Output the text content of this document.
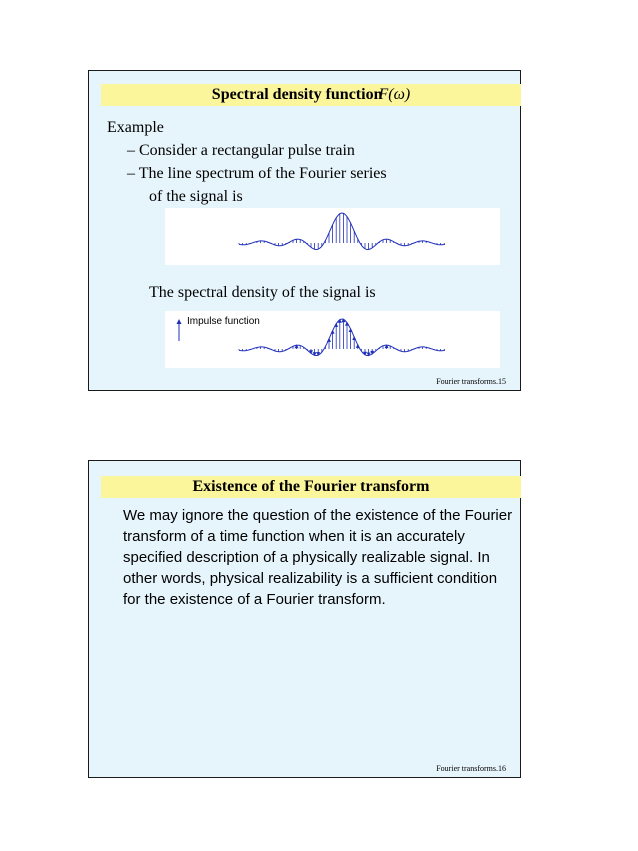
Spectral density functionF(ω)
Example
– Consider a rectangular pulse train
– The line spectrum of the Fourier series
of the signal is
The spectral density of the signal is
Impulse function
Fourier transforms.15
Existence of the Fourier transform
We may ignore the question of the existence of the Fourier transform of a time function when it is an accurately specified description of a physically realizable signal. In other words, physical realizability is a sufficient condition for the existence of a Fourier transform.
Fourier transforms.16
